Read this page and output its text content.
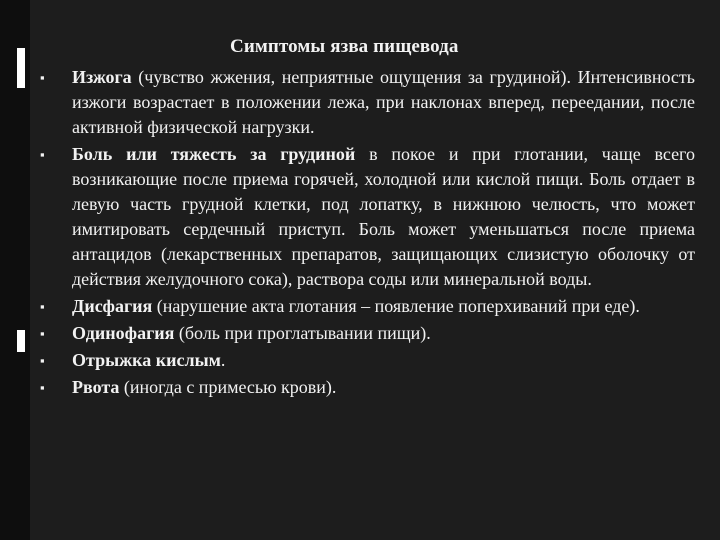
Симптомы язва пищевода
▪ Изжога (чувство жжения, неприятные ощущения за грудиной). Интенсивность изжоги возрастает в положении лежа, при наклонах вперед, переедании, после активной физической нагрузки.
▪ Боль или тяжесть за грудиной в покое и при глотании, чаще всего возникающие после приема горячей, холодной или кислой пищи. Боль отдает в левую часть грудной клетки, под лопатку, в нижнюю челюсть, что может имитировать сердечный приступ. Боль может уменьшаться после приема антацидов (лекарственных препаратов, защищающих слизистую оболочку от действия желудочного сока), раствора соды или минеральной воды.
▪ Дисфагия (нарушение акта глотания – появление поперхиваний при еде).
▪ Одинофагия (боль при проглатывании пищи).
▪ Отрыжка кислым.
▪ Рвота (иногда с примесью крови).
